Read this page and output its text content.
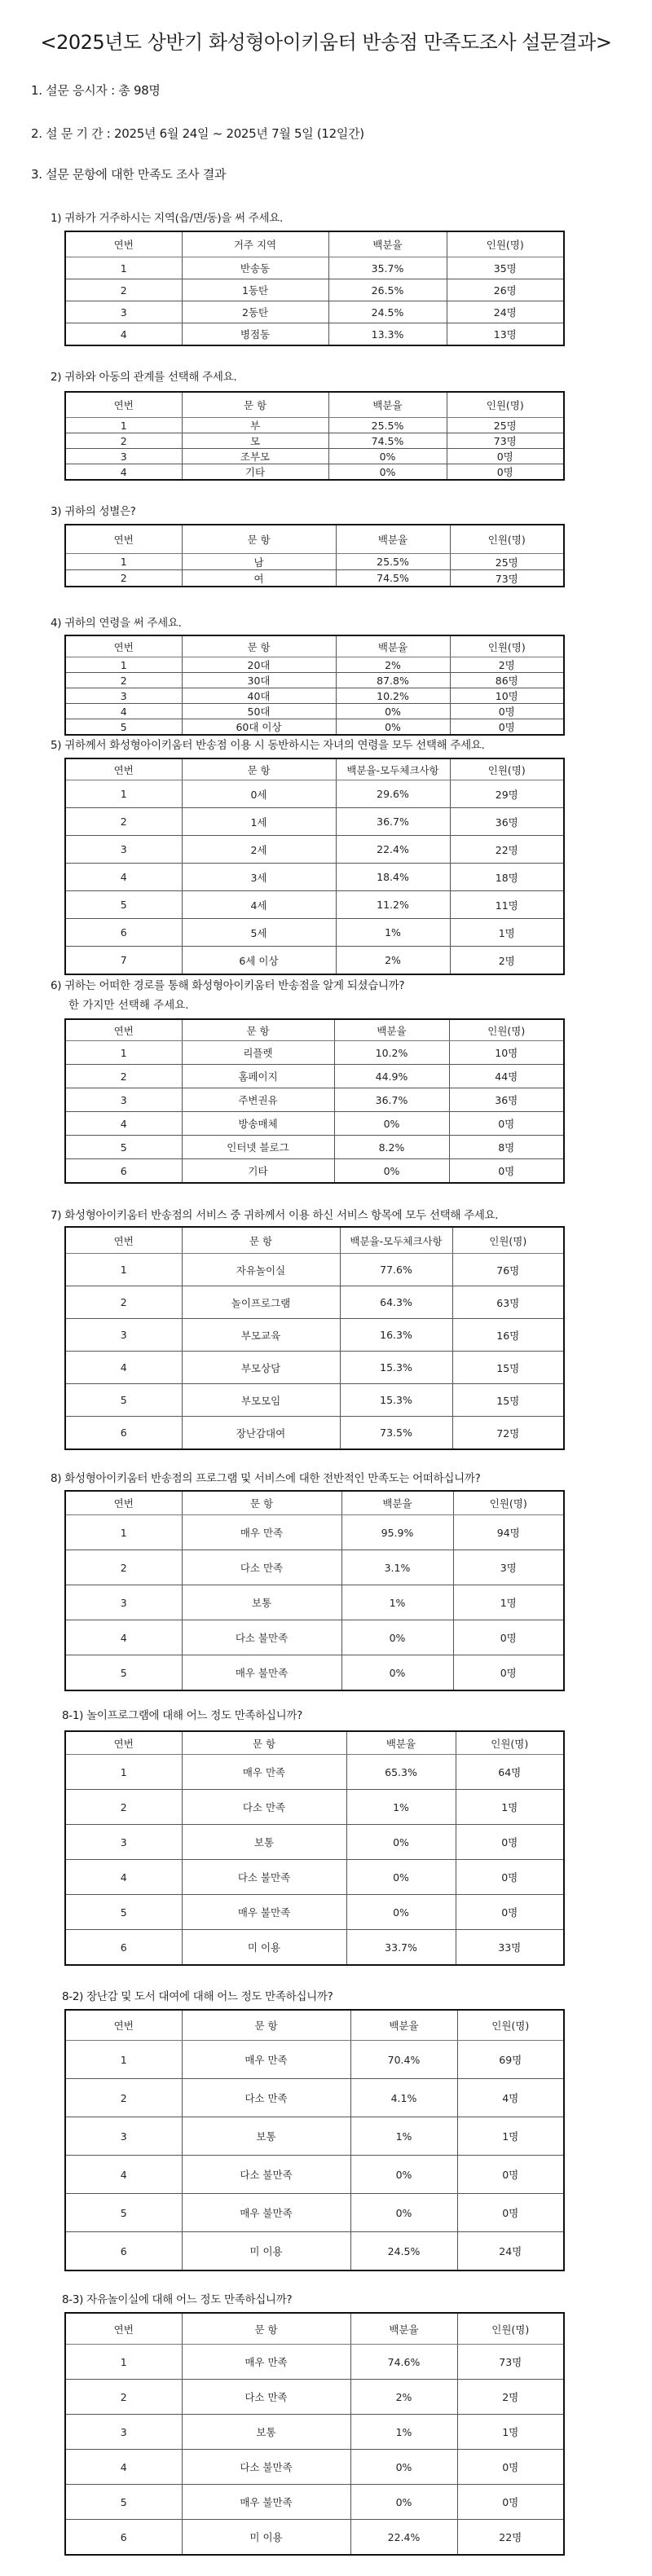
<2025년도 상반기 화성형아이키움터 반송점 만족도조사 설문결과>
1. 설문 응시자 : 총 98명
2. 설 문 기 간 : 2025년 6월 24일 ~ 2025년 7월 5일 (12일간)
3. 설문 문항에 대한 만족도 조사 결과
1) 귀하가 거주하시는 지역(읍/면/동)을 써 주세요.
연번	거주 지역	백분율	인원(명)
1	반송동	35.7%	35명
2	1동탄	26.5%	26명
3	2동탄	24.5%	24명
4	병점동	13.3%	13명
2) 귀하와 아동의 관계를 선택해 주세요.
연번	문 항	백분율	인원(명)
1	부	25.5%	25명
2	모	74.5%	73명
3	조부모	0%	0명
4	기타	0%	0명
3) 귀하의 성별은?
연번	문 항	백분율	인원(명)
1	남	25.5%	25명
2	여	74.5%	73명
4) 귀하의 연령을 써 주세요.
연번	문 항	백분율	인원(명)
1	20대	2%	2명
2	30대	87.8%	86명
3	40대	10.2%	10명
4	50대	0%	0명
5	60대 이상	0%	0명
5) 귀하께서 화성형아이키움터 반송점 이용 시 동반하시는 자녀의 연령을 모두 선택해 주세요.
연번	문 항	백분율-모두체크사항	인원(명)
1	0세	29.6%	29명
2	1세	36.7%	36명
3	2세	22.4%	22명
4	3세	18.4%	18명
5	4세	11.2%	11명
6	5세	1%	1명
7	6세 이상	2%	2명
6) 귀하는 어떠한 경로를 통해 화성형아이키움터 반송점을 알게 되셨습니까?
한 가지만 선택해 주세요.
연번	문 항	백분율	인원(명)
1	리플렛	10.2%	10명
2	홈페이지	44.9%	44명
3	주변권유	36.7%	36명
4	방송매체	0%	0명
5	인터넷 블로그	8.2%	8명
6	기타	0%	0명
7) 화성형아이키움터 반송점의 서비스 중 귀하께서 이용 하신 서비스 항목에 모두 선택해 주세요.
연번	문 항	백분율-모두체크사항	인원(명)
1	자유놀이실	77.6%	76명
2	놀이프로그램	64.3%	63명
3	부모교육	16.3%	16명
4	부모상담	15.3%	15명
5	부모모임	15.3%	15명
6	장난감대여	73.5%	72명
8) 화성형아이키움터 반송점의 프로그램 및 서비스에 대한 전반적인 만족도는 어떠하십니까?
연번	문 항	백분율	인원(명)
1	매우 만족	95.9%	94명
2	다소 만족	3.1%	3명
3	보통	1%	1명
4	다소 불만족	0%	0명
5	매우 불만족	0%	0명
8-1) 놀이프로그램에 대해 어느 정도 만족하십니까?
연번	문 항	백분율	인원(명)
1	매우 만족	65.3%	64명
2	다소 만족	1%	1명
3	보통	0%	0명
4	다소 불만족	0%	0명
5	매우 불만족	0%	0명
6	미 이용	33.7%	33명
8-2) 장난감 및 도서 대여에 대해 어느 정도 만족하십니까?
연번	문 항	백분율	인원(명)
1	매우 만족	70.4%	69명
2	다소 만족	4.1%	4명
3	보통	1%	1명
4	다소 불만족	0%	0명
5	매우 불만족	0%	0명
6	미 이용	24.5%	24명
8-3) 자유놀이실에 대해 어느 정도 만족하십니까?
연번	문 항	백분율	인원(명)
1	매우 만족	74.6%	73명
2	다소 만족	2%	2명
3	보통	1%	1명
4	다소 불만족	0%	0명
5	매우 불만족	0%	0명
6	미 이용	22.4%	22명
